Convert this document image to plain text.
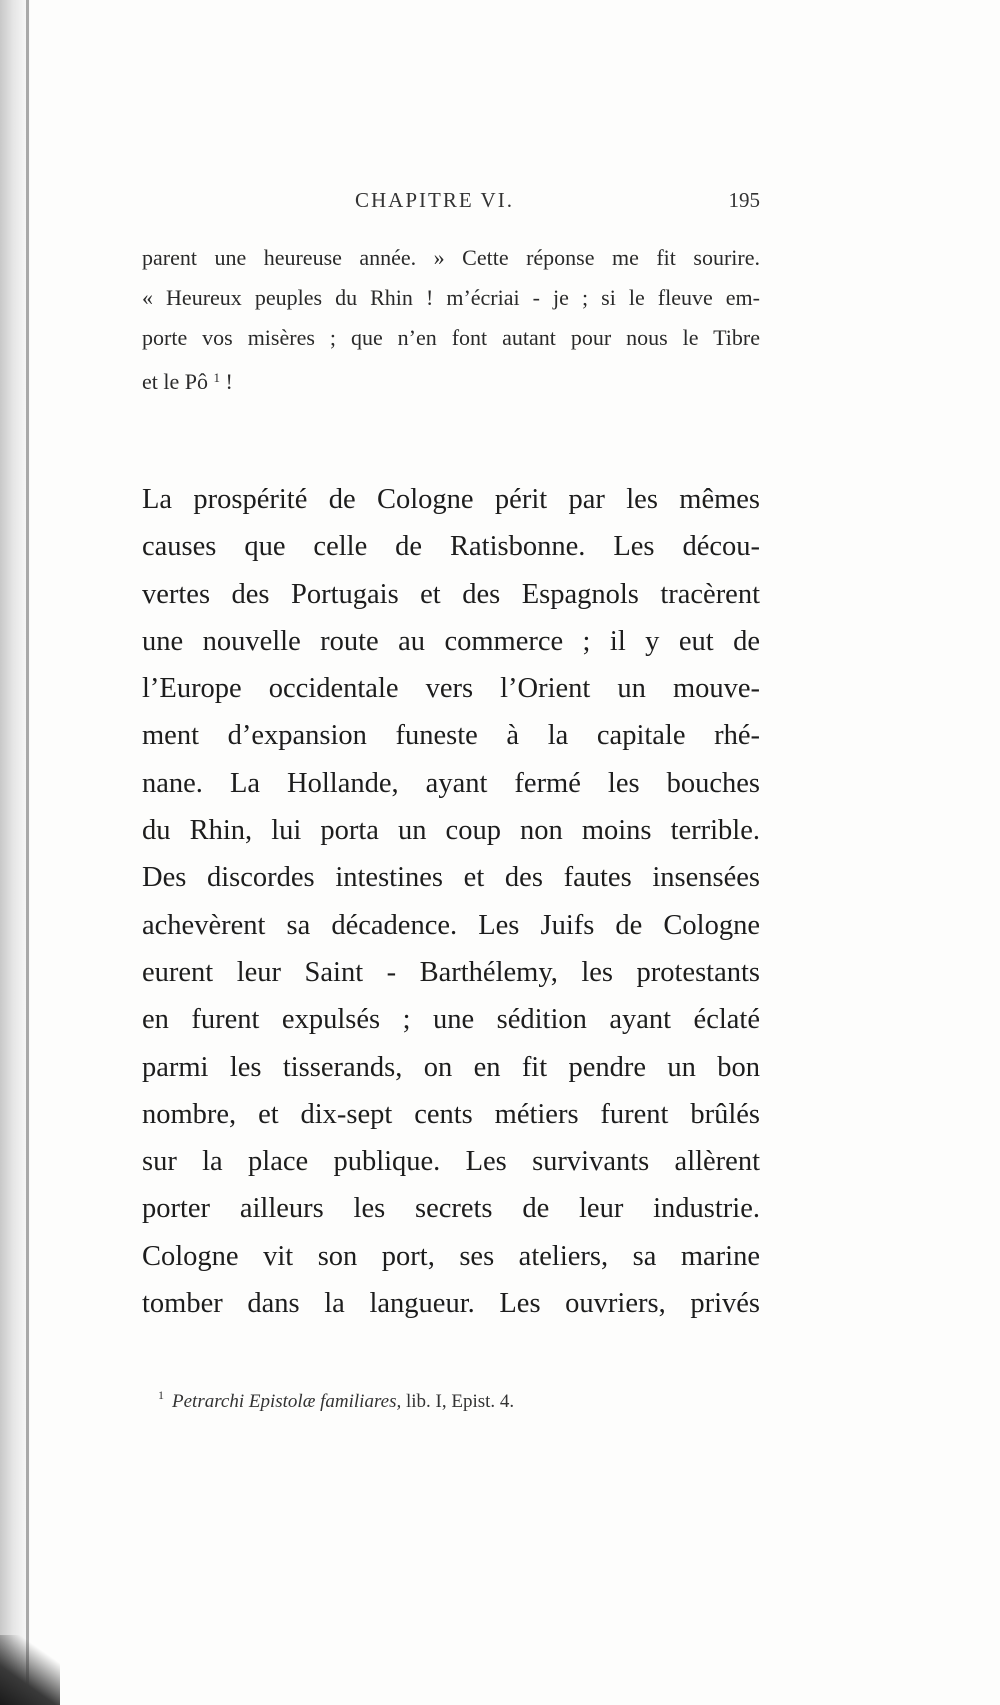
CHAPITRE VI.	195
parent une heureuse année. » Cette réponse me fit sourire.
« Heureux peuples du Rhin ! m’écriai - je ; si le fleuve em-
porte vos misères ; que n’en font autant pour nous le Tibre
et le Pô $^1$ !
La prospérité de Cologne périt par les mêmes
causes que celle de Ratisbonne. Les décou-
vertes des Portugais et des Espagnols tracèrent
une nouvelle route au commerce ; il y eut de
l’Europe occidentale vers l’Orient un mouve-
ment d’expansion funeste à la capitale rhé-
nane. La Hollande, ayant fermé les bouches
du Rhin, lui porta un coup non moins terrible.
Des discordes intestines et des fautes insensées
achevèrent sa décadence. Les Juifs de Cologne
eurent leur Saint - Barthélemy, les protestants
en furent expulsés ; une sédition ayant éclaté
parmi les tisserands, on en fit pendre un bon
nombre, et dix-sept cents métiers furent brûlés
sur la place publique. Les survivants allèrent
porter ailleurs les secrets de leur industrie.
Cologne vit son port, ses ateliers, sa marine
tomber dans la langueur. Les ouvriers, privés
$^1$ Petrarchi Epistolæ familiares, lib. I, Epist. 4.
